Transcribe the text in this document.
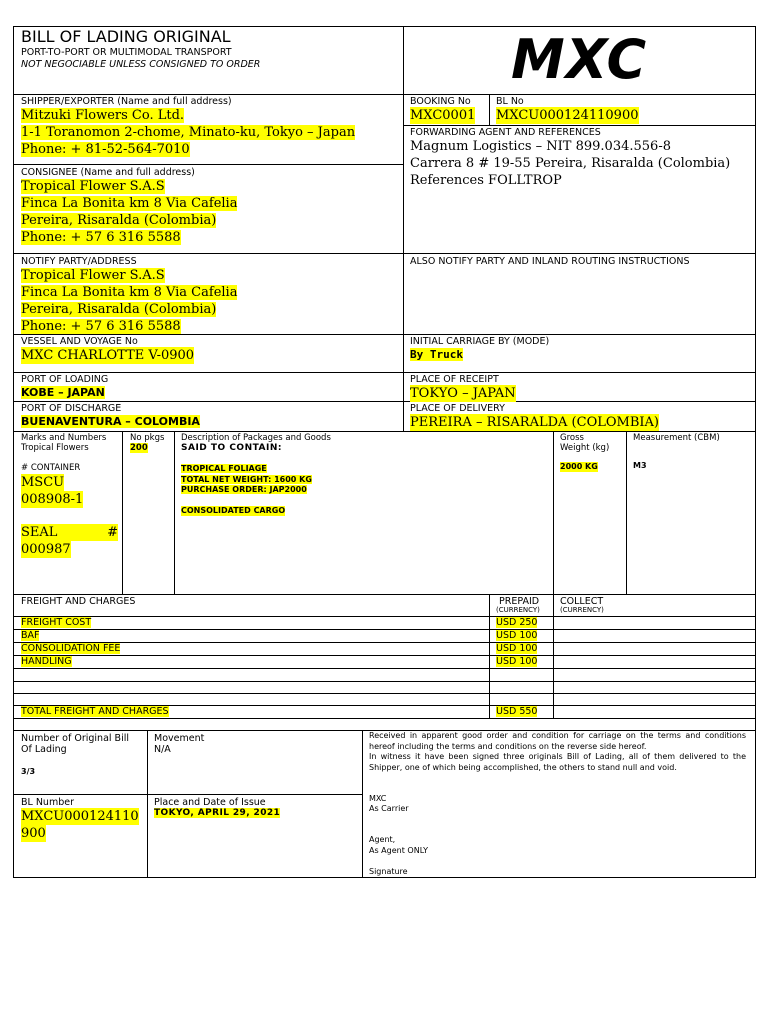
BILL OF LADING ORIGINAL
PORT-TO-PORT OR MULTIMODAL TRANSPORT
NOT NEGOCIABLE UNLESS CONSIGNED TO ORDER	MXC
SHIPPER/EXPORTER (Name and full address)
Mitzuki Flowers Co. Ltd.
1-1 Toranomon 2-chome, Minato-ku, Tokyo – Japan
Phone: + 81-52-564-7010
BOOKING No
MXC0001
BL No
MXCU000124110900
FORWARDING AGENT AND REFERENCES
Magnum Logistics – NIT 899.034.556-8
Carrera 8 # 19-55 Pereira, Risaralda (Colombia)
References FOLLTROP
CONSIGNEE (Name and full address)
Tropical Flower S.A.S
Finca La Bonita km 8 Via Cafelia
Pereira, Risaralda (Colombia)
Phone: + 57 6 316 5588
NOTIFY PARTY/ADDRESS
Tropical Flower S.A.S
Finca La Bonita km 8 Via Cafelia
Pereira, Risaralda (Colombia)
Phone: + 57 6 316 5588
ALSO NOTIFY PARTY AND INLAND ROUTING INSTRUCTIONS
VESSEL AND VOYAGE No
MXC CHARLOTTE V-0900
INITIAL CARRIAGE BY (MODE)
By Truck
PORT OF LOADING
KOBE – JAPAN
PLACE OF RECEIPT
TOKYO – JAPAN
PORT OF DISCHARGE
BUENAVENTURA – COLOMBIA
PLACE OF DELIVERY
PEREIRA – RISARALDA (COLOMBIA)
Marks and Numbers
Tropical Flowers
# CONTAINER
MSCU
008908-1
SEAL	#
000987
No pkgs
200
Description of Packages and Goods
SAID TO CONTAIN:
TROPICAL FOLIAGE
TOTAL NET WEIGHT: 1600 KG
PURCHASE ORDER: JAP2000
CONSOLIDATED CARGO
Gross
Weight (kg)
2000 KG
Measurement (CBM)
M3
FREIGHT AND CHARGES	PREPAID
(CURRENCY)
COLLECT
(CURRENCY)
FREIGHT COST	USD 250
BAF	USD 100
CONSOLIDATION FEE	USD 100
HANDLING	USD 100
TOTAL FREIGHT AND CHARGES	USD 550
Number of Original Bill
Of Lading
3/3
Movement
N/A
BL Number
MXCU000124110
900
Place and Date of Issue
TOKYO, APRIL 29, 2021
Received in apparent good order and condition for carriage on the terms and conditions hereof including the terms and conditions on the reverse side hereof.
In witness it have been signed three originals Bill of Lading, all of them delivered to the Shipper, one of which being accomplished, the others to stand null and void.
MXC
As Carrier
Agent,
As Agent ONLY
Signature
